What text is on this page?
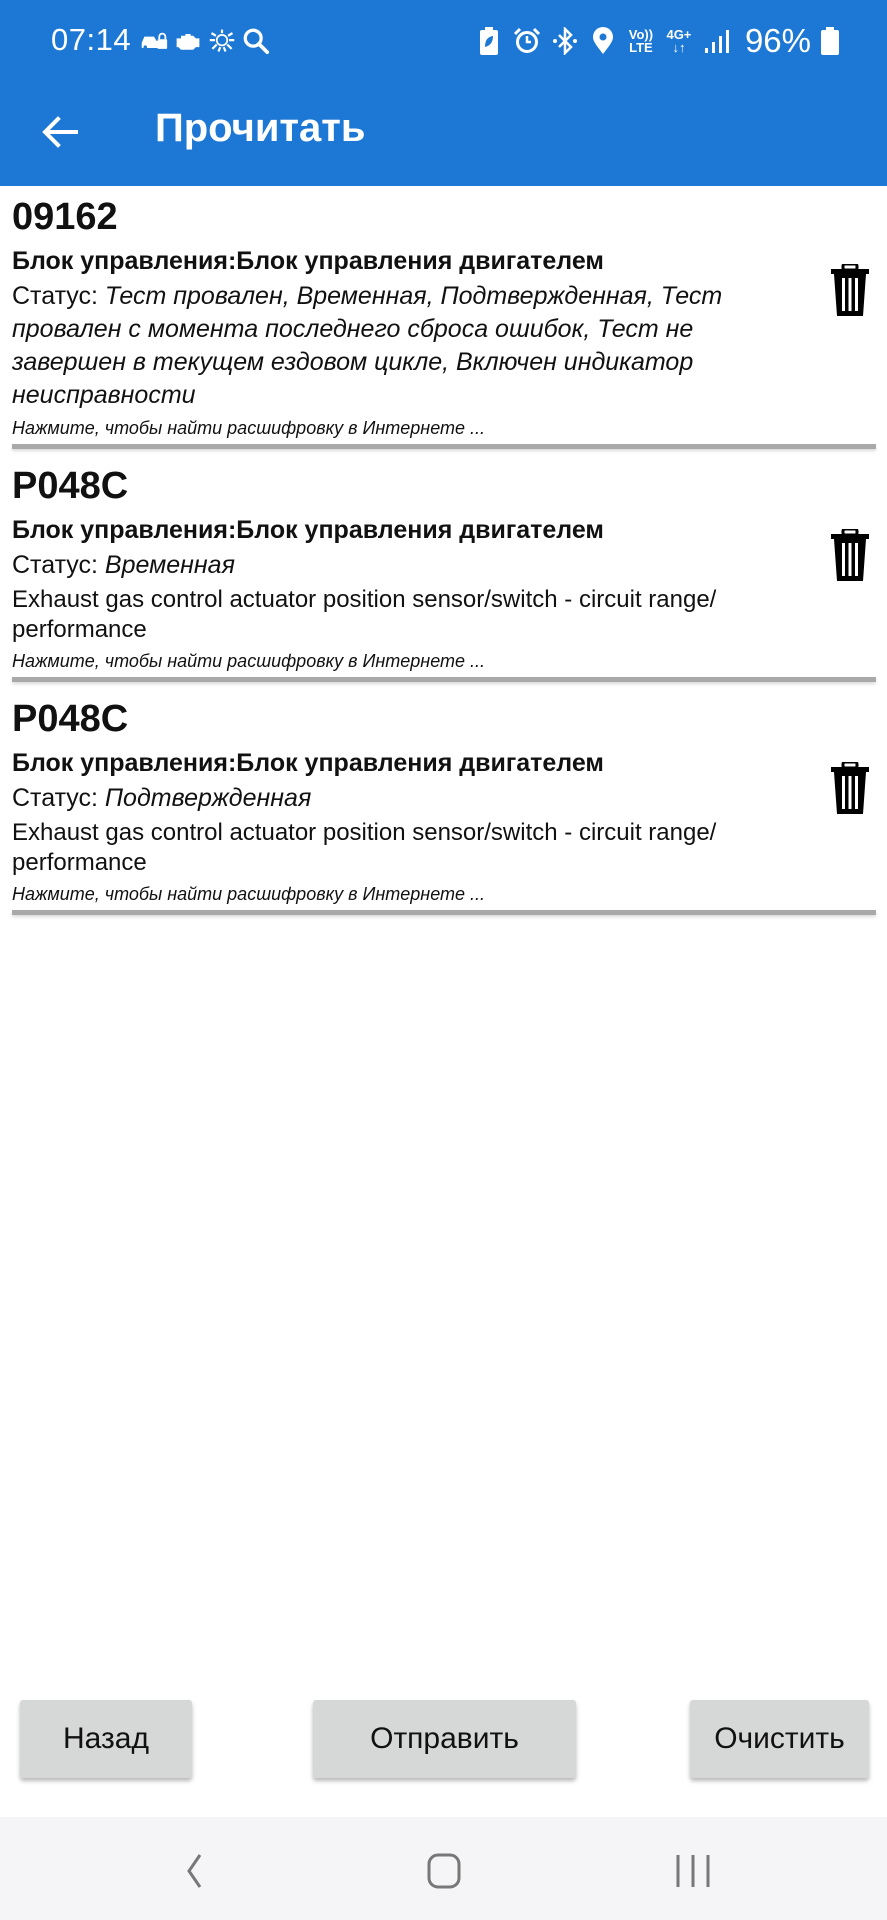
07:14	Vo))
LTE
4G+
↓↑ 96%
Прочитать
09162
Блок управления:Блок управления двигателем
Статус: Тест провален, Временная, Подтвержденная, Тест провален с момента последнего сброса ошибок, Тест не завершен в текущем ездовом цикле, Включен индикатор неисправности
Нажмите, чтобы найти расшифровку в Интернете ...
P048C
Блок управления:Блок управления двигателем
Статус: Временная
Exhaust gas control actuator position sensor/switch - circuit range/ performance
Нажмите, чтобы найти расшифровку в Интернете ...
P048C
Блок управления:Блок управления двигателем
Статус: Подтвержденная
Exhaust gas control actuator position sensor/switch - circuit range/ performance
Нажмите, чтобы найти расшифровку в Интернете ...
Назад	Отправить	Очистить
